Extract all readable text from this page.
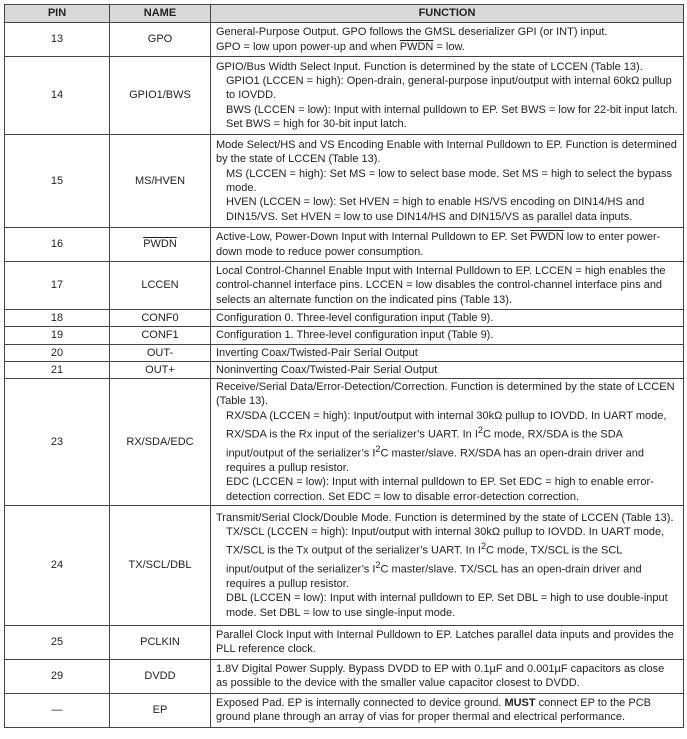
PIN	NAME	FUNCTION
13	GPO	General-Purpose Output. GPO follows the GMSL deserializer GPI (or INT) input.
GPO = low upon power-up and when PWDN = low.

14	GPIO1/BWS	GPIO/Bus Width Select Input. Function is determined by the state of LCCEN (Table 13).
GPIO1 (LCCEN = high): Open-drain, general-purpose input/output with internal 60kΩ pullup to IOVDD.
BWS (LCCEN = low): Input with internal pulldown to EP. Set BWS = low for 22-bit input latch. Set BWS = high for 30-bit input latch.

15	MS/HVEN	Mode Select/HS and VS Encoding Enable with Internal Pulldown to EP. Function is determined by the state of LCCEN (Table 13).
MS (LCCEN = high): Set MS = low to select base mode. Set MS = high to select the bypass mode.
HVEN (LCCEN = low): Set HVEN = high to enable HS/VS encoding on DIN14/HS and DIN15/VS. Set HVEN = low to use DIN14/HS and DIN15/VS as parallel data inputs.

16	PWDN	Active-Low, Power-Down Input with Internal Pulldown to EP. Set PWDN low to enter power-down mode to reduce power consumption.

17	LCCEN	Local Control-Channel Enable Input with Internal Pulldown to EP. LCCEN = high enables the control-channel interface pins. LCCEN = low disables the control-channel interface pins and selects an alternate function on the indicated pins (Table 13).
18	CONF0	Configuration 0. Three-level configuration input (Table 9).
19	CONF1	Configuration 1. Three-level configuration input (Table 9).
20	OUT-	Inverting Coax/Twisted-Pair Serial Output
21	OUT+	Noninverting Coax/Twisted-Pair Serial Output
23	RX/SDA/EDC	Receive/Serial Data/Error-Detection/Correction. Function is determined by the state of LCCEN (Table 13).
RX/SDA (LCCEN = high): Input/output with internal 30kΩ pullup to IOVDD. In UART mode, RX/SDA is the Rx input of the serializer’s UART. In $I^2C$ mode, RX/SDA is the SDA input/output of the serializer’s $I^2C$ master/slave. RX/SDA has an open-drain driver and requires a pullup resistor.
EDC (LCCEN = low): Input with internal pulldown to EP. Set EDC = high to enable error-detection correction. Set EDC = low to disable error-detection correction.

24	TX/SCL/DBL	Transmit/Serial Clock/Double Mode. Function is determined by the state of LCCEN (Table 13).
TX/SCL (LCCEN = high): Input/output with internal 30kΩ pullup to IOVDD. In UART mode, TX/SCL is the Tx output of the serializer’s UART. In $I^2C$ mode, TX/SCL is the SCL input/output of the serializer’s $I^2C$ master/slave. TX/SCL has an open-drain driver and requires a pullup resistor.
DBL (LCCEN = low): Input with internal pulldown to EP. Set DBL = high to use double-input mode. Set DBL = low to use single-input mode.

25	PCLKIN	Parallel Clock Input with Internal Pulldown to EP. Latches parallel data inputs and provides the PLL reference clock.
29	DVDD	1.8V Digital Power Supply. Bypass DVDD to EP with 0.1µF and 0.001µF capacitors as close as possible to the device with the smaller value capacitor closest to DVDD.
—	EP	Exposed Pad. EP is internally connected to device ground. MUST connect EP to the PCB ground plane through an array of vias for proper thermal and electrical performance.
